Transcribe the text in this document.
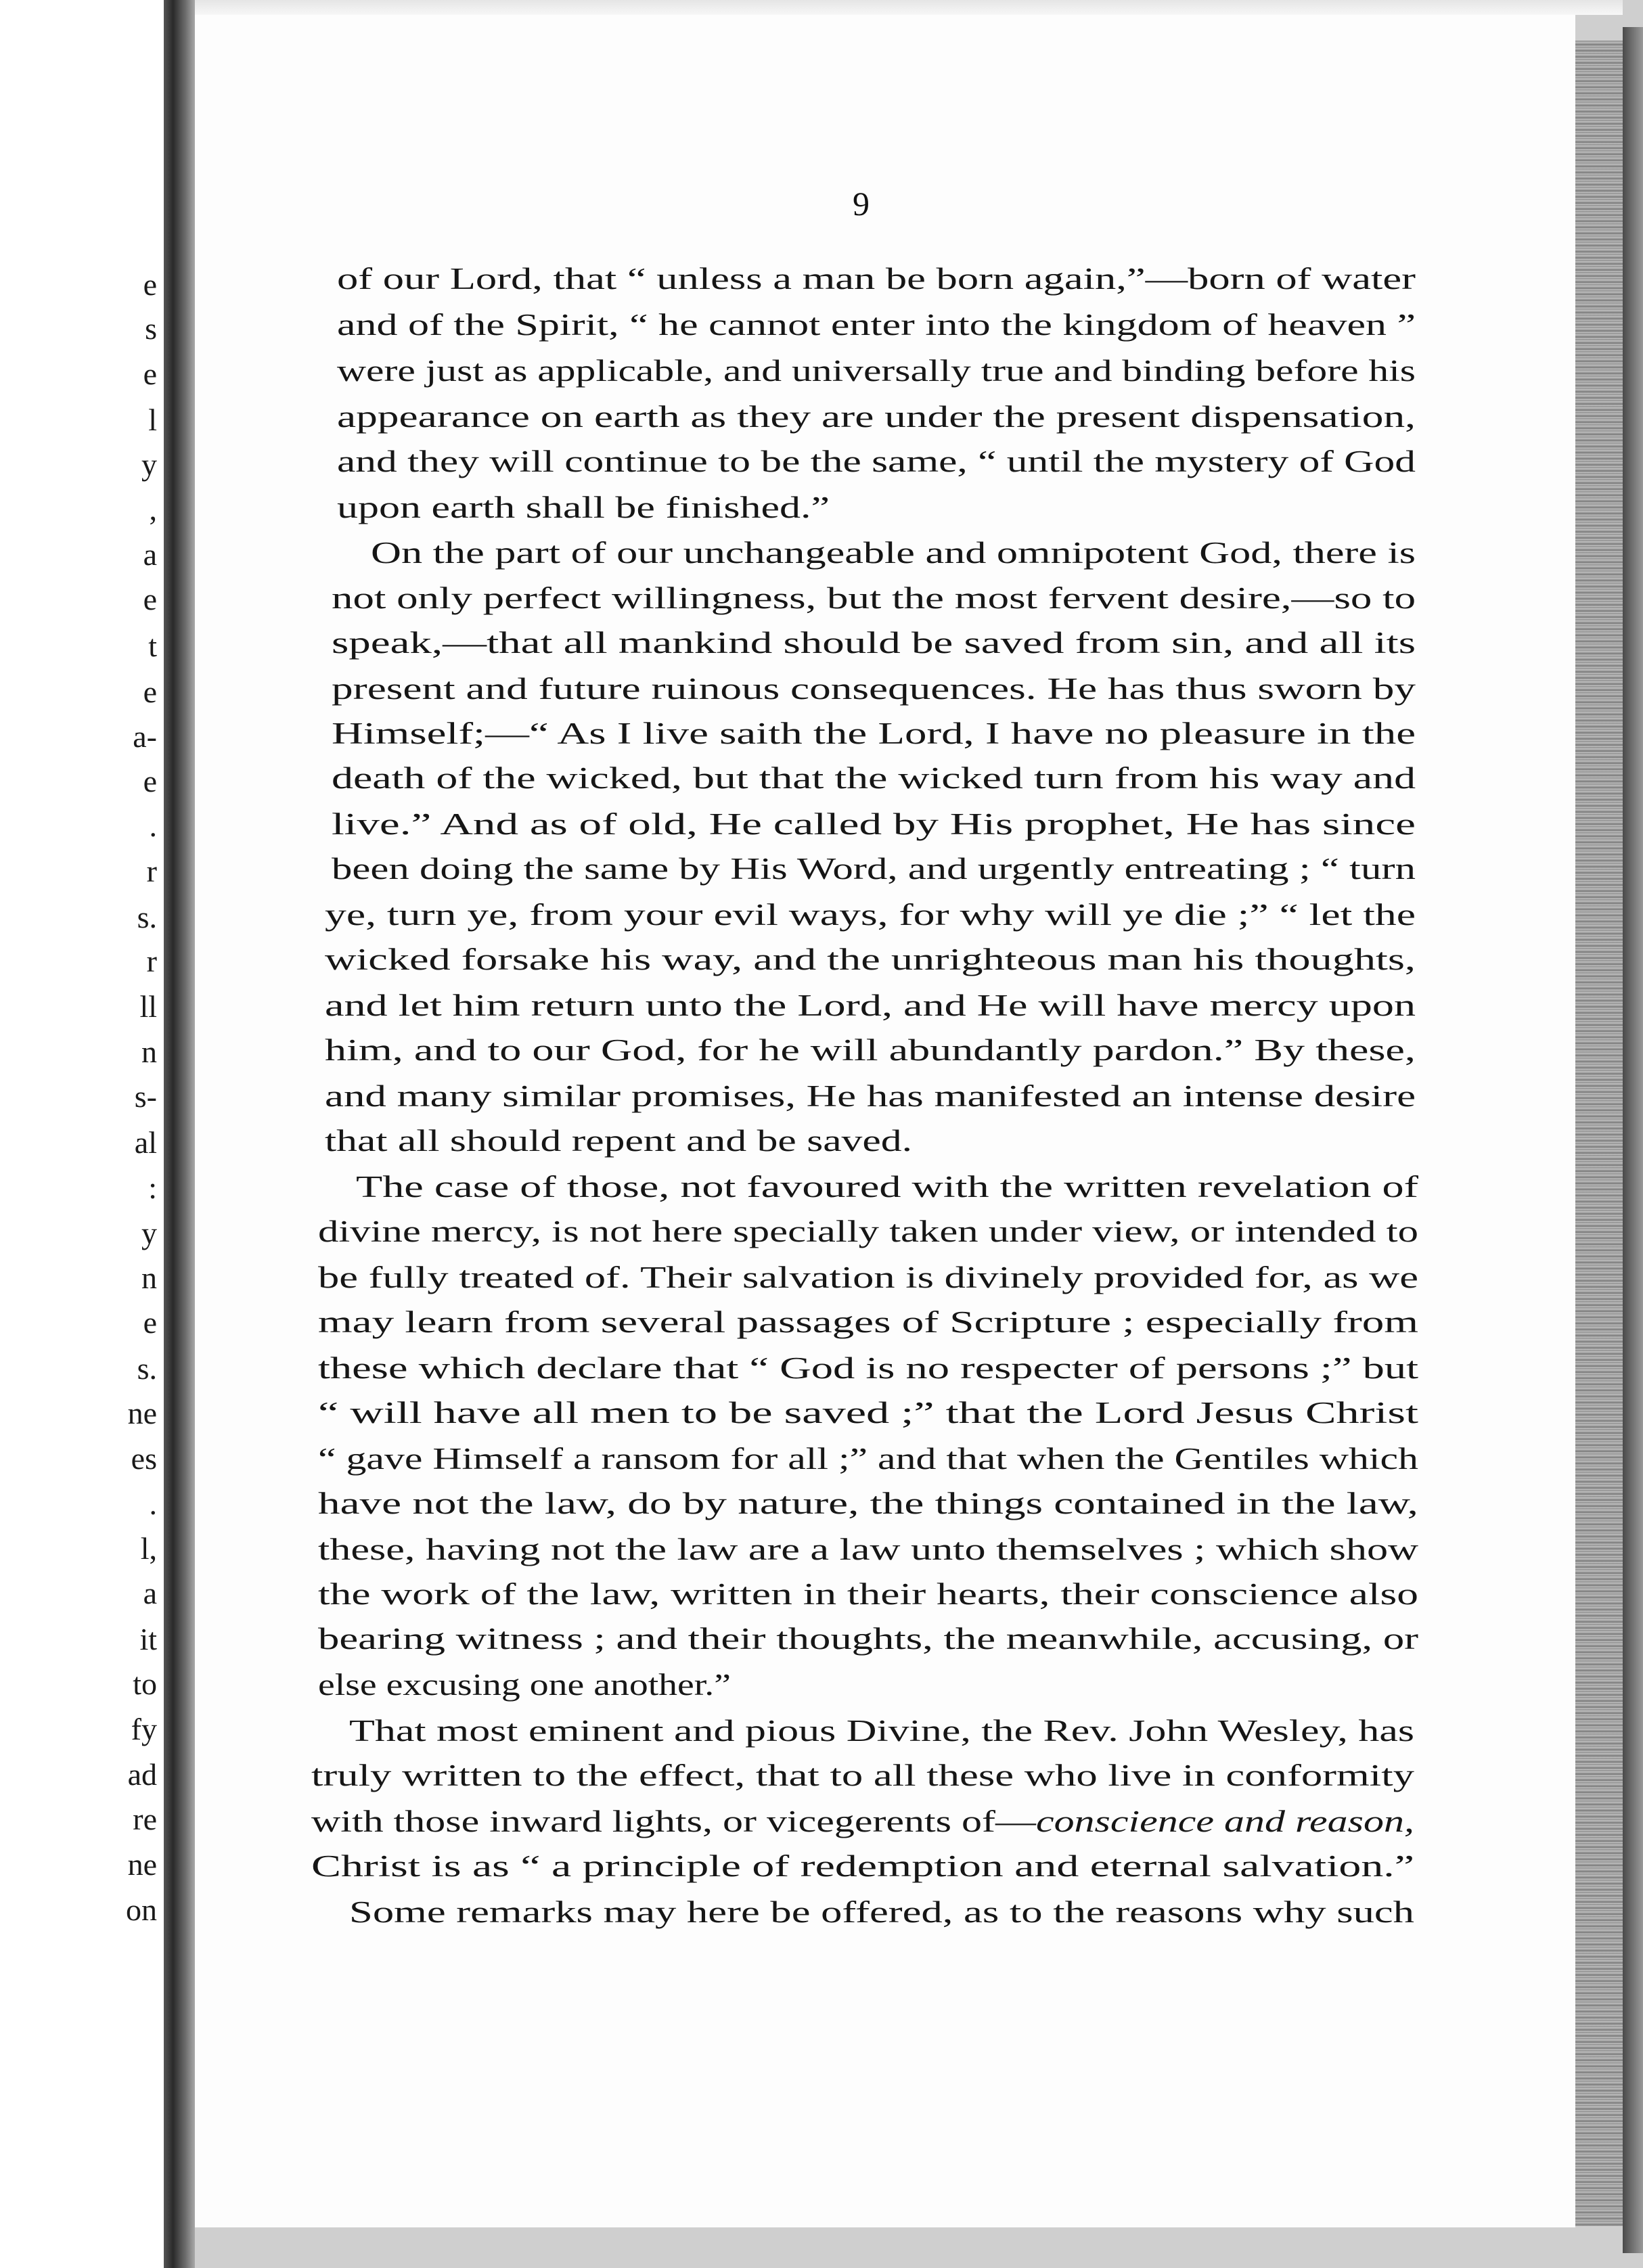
e

s

e

l

y

,

a

e

t

e

a-

e

.

r

s.

r

ll

n

s-

al

:

y

n

e

s.

ne

es

.

l,

a

it

to

fy

ad

re

ne

on

9

of our Lord, that “ unless a man be born again,”—born of water

and of the Spirit, “ he cannot enter into the kingdom of heaven ”

were just as applicable, and universally true and binding before his

appearance on earth as they are under the present dispensation,

and they will continue to be the same, “ until the mystery of God

upon earth shall be finished.”

On the part of our unchangeable and omnipotent God, there is

not only perfect willingness, but the most fervent desire,—so to

speak,—that all mankind should be saved from sin, and all its

present and future ruinous consequences. He has thus sworn by

Himself;—“ As I live saith the Lord, I have no pleasure in the

death of the wicked, but that the wicked turn from his way and

live.” And as of old, He called by His prophet, He has since

been doing the same by His Word, and urgently entreating ; “ turn

ye, turn ye, from your evil ways, for why will ye die ;” “ let the

wicked forsake his way, and the unrighteous man his thoughts,

and let him return unto the Lord, and He will have mercy upon

him, and to our God, for he will abundantly pardon.” By these,

and many similar promises, He has manifested an intense desire

that all should repent and be saved.

The case of those, not favoured with the written revelation of

divine mercy, is not here specially taken under view, or intended to

be fully treated of. Their salvation is divinely provided for, as we

may learn from several passages of Scripture ; especially from

these which declare that “ God is no respecter of persons ;” but

“ will have all men to be saved ;” that the Lord Jesus Christ

“ gave Himself a ransom for all ;” and that when the Gentiles which

have not the law, do by nature, the things contained in the law,

these, having not the law are a law unto themselves ; which show

the work of the law, written in their hearts, their conscience also

bearing witness ; and their thoughts, the meanwhile, accusing, or

else excusing one another.”

That most eminent and pious Divine, the Rev. John Wesley, has

truly written to the effect, that to all these who live in conformity

with those inward lights, or vicegerents of—conscience and reason,

Christ is as “ a principle of redemption and eternal salvation.”

Some remarks may here be offered, as to the reasons why such
